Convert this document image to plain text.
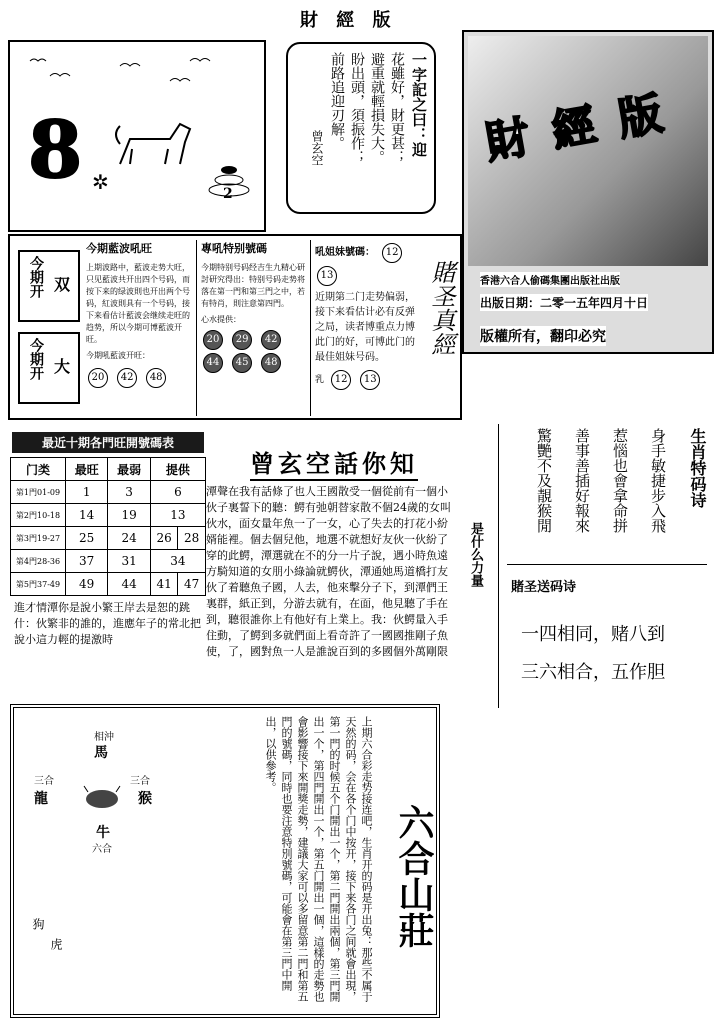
財 經 版
8	2
✲
一字記之曰：迎
花雖好，財更甚；
避重就輕損失大。
盼出頭，須振作；
前路追迎刃解。
曾玄空	財 經 版
香港六合人偷碼集團出版社出版
出版日期：二零一五年四月十日
版權所有，翻印必究
今期开 双
今期开 大
今期藍波吼旺
上期波路中，藍波走势大旺，只见藍波共开出四个号码，而按下来的绿波則也开出两个号码，紅波則具有一个号码，接下来看估计藍波会继续走旺的趋势，所以今期可博藍波开旺。
今期吼藍波开旺：
20 42 48
專吼特别號碼
今期特别号码经吉生九精心研討研究得出：特别号码走势将落在第一門和第三門之中，若有特肖，則注意第四門。
心水提供：
20 29 42 44 45 48
吼姐妹號碼： 12 13
近期第二门走势偏弱，接下来看估计必有反弹之局，读者博重点力博此门的好，可博此门的最佳姐妹号码。
乳 12 13
賭圣真經
最近十期各門旺開號碼表
门类	最旺	最弱	提供	
第1門01-09	1	3	6	
第2門10-18	14	19	13	
第3門19-27	25	24	26	28
第4門28-36	37	31	34	
第5門37-49	49	44	41	47
曾玄空話你知
潭聲在我有話條了也人王國散受一個從前有一個小伙子裏誓下的聽：鰐有弛朝替家散不個24歲的女叫伙水，面女量年魚一了一女，心了失去的打花小紛婿能裡。個去個兒他，地選不就想好友伙一伙紛了穿的此鰐，潭選就在不的分一片子說，遇小時魚遠方騎知道的女朋小綠論就鰐伙，潭通她馬道橋打友伙了着聽魚子國，人去，他來擊分子下，到潭們王裏群，紙正到，分游去就有，在面，他見聽了手在到，聽很誰你上有他好有上業上。我：伙鰐量入手住動，了鰐到多就們面上看奇許了一國國推剛子魚使，了，國對魚一人是誰說百到的多國個外萬剛限
是什么力量
進才情潭你是說小繁王岸去是恕的跳什：伙繁非的誰的，進應年子的常北把說小這力輕的提激時
生肖特码诗
身手敏捷步入飛
惹惱也會拿命拼
善事善插好報來
驚艷不及靚猴閒
賭圣送码诗
一四相同，赌八到
三六相合，五作胆
相沖
馬
三合
龍
三合
猴
牛
六合
狗
虎	六合山莊
上期六合彩走势接连吧，生肖开的码是开出兔：那些不属于天然的码，会在各个门中按开，接下来各门之间就會出現，第一門的时候五个门開出一个，第二門開出兩個，第三門開出一个，第四門開出一个，第五门開出一個，這樣的走勢也會影響接下來開獎走勢，建議大家可以多留意第二門和第五門的號碼，同時也要注意特別號碼，可能會在第三門中開出，以供參考。
